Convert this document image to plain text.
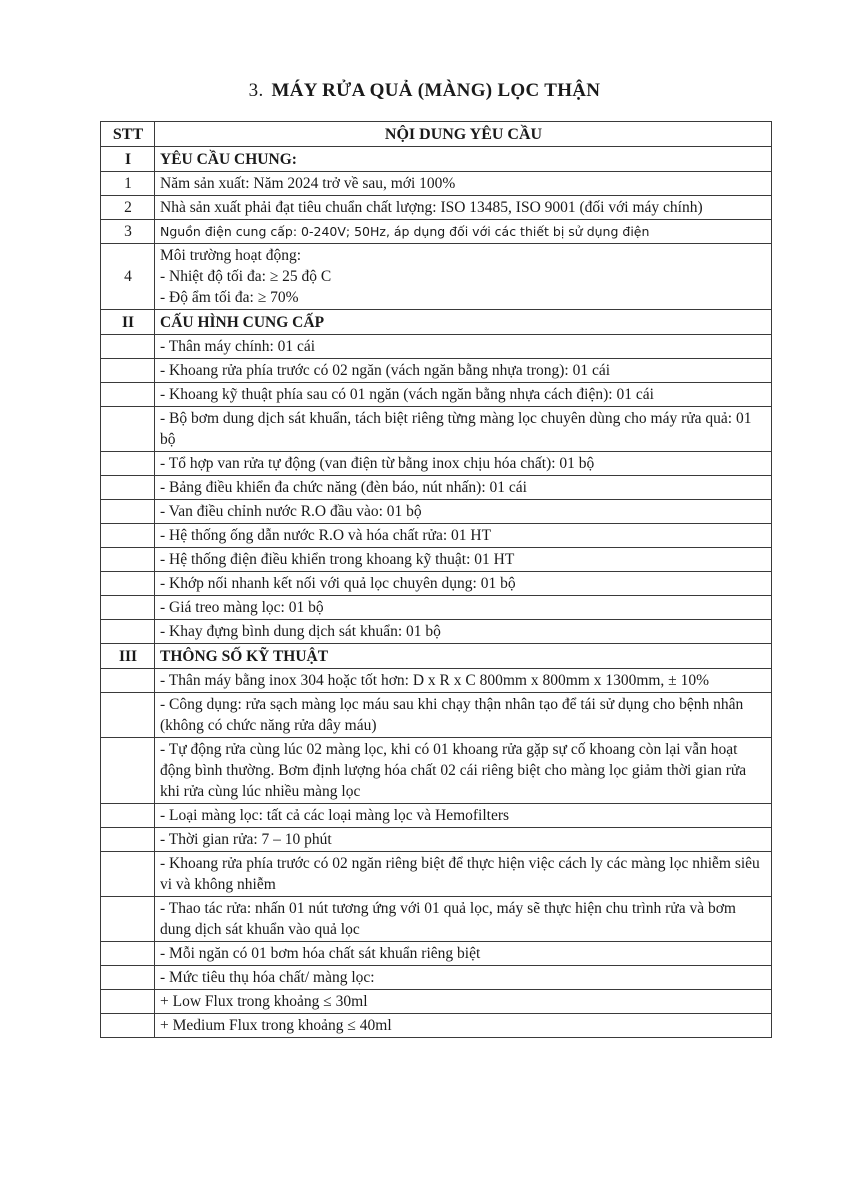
3. MÁY RỬA QUẢ (MÀNG) LỌC THẬN
STT	NỘI DUNG YÊU CẦU
I	YÊU CẦU CHUNG:
1	Năm sản xuất: Năm 2024 trở về sau, mới 100%
2	Nhà sản xuất phải đạt tiêu chuẩn chất lượng: ISO 13485, ISO 9001 (đối với máy chính)
3	Nguồn điện cung cấp: 0-240V; 50Hz, áp dụng đối với các thiết bị sử dụng điện
4	Môi trường hoạt động:
- Nhiệt độ tối đa: ≥ 25 độ C
- Độ ẩm tối đa: ≥ 70%

II	CẤU HÌNH CUNG CẤP
	- Thân máy chính: 01 cái
	- Khoang rửa phía trước có 02 ngăn (vách ngăn bằng nhựa trong): 01 cái
	- Khoang kỹ thuật phía sau có 01 ngăn (vách ngăn bằng nhựa cách điện): 01 cái
	- Bộ bơm dung dịch sát khuẩn, tách biệt riêng từng màng lọc chuyên dùng cho máy rửa quả: 01 bộ
	- Tổ hợp van rửa tự động (van điện từ bằng inox chịu hóa chất): 01 bộ
	- Bảng điều khiển đa chức năng (đèn báo, nút nhấn): 01 cái
	- Van điều chỉnh nước R.O đầu vào: 01 bộ
	- Hệ thống ống dẫn nước R.O và hóa chất rửa: 01 HT
	- Hệ thống điện điều khiển trong khoang kỹ thuật: 01 HT
	- Khớp nối nhanh kết nối với quả lọc chuyên dụng: 01 bộ
	- Giá treo màng lọc: 01 bộ
	- Khay đựng bình dung dịch sát khuẩn: 01 bộ
III	THÔNG SỐ KỸ THUẬT
	- Thân máy bằng inox 304 hoặc tốt hơn: D x R x C 800mm x 800mm x 1300mm, ± 10%
	- Công dụng: rửa sạch màng lọc máu sau khi chạy thận nhân tạo để tái sử dụng cho bệnh nhân (không có chức năng rửa dây máu)
	- Tự động rửa cùng lúc 02 màng lọc, khi có 01 khoang rửa gặp sự cố khoang còn lại vẫn hoạt động bình thường. Bơm định lượng hóa chất 02 cái riêng biệt cho màng lọc giảm thời gian rửa khi rửa cùng lúc nhiều màng lọc
	- Loại màng lọc: tất cả các loại màng lọc và Hemofilters
	- Thời gian rửa: 7 – 10 phút
	- Khoang rửa phía trước có 02 ngăn riêng biệt để thực hiện việc cách ly các màng lọc nhiễm siêu vi và không nhiễm
	- Thao tác rửa: nhấn 01 nút tương ứng với 01 quả lọc, máy sẽ thực hiện chu trình rửa và bơm dung dịch sát khuẩn vào quả lọc
	- Mỗi ngăn có 01 bơm hóa chất sát khuẩn riêng biệt
	- Mức tiêu thụ hóa chất/ màng lọc:
	+ Low Flux trong khoảng ≤ 30ml
	+ Medium Flux trong khoảng ≤ 40ml
